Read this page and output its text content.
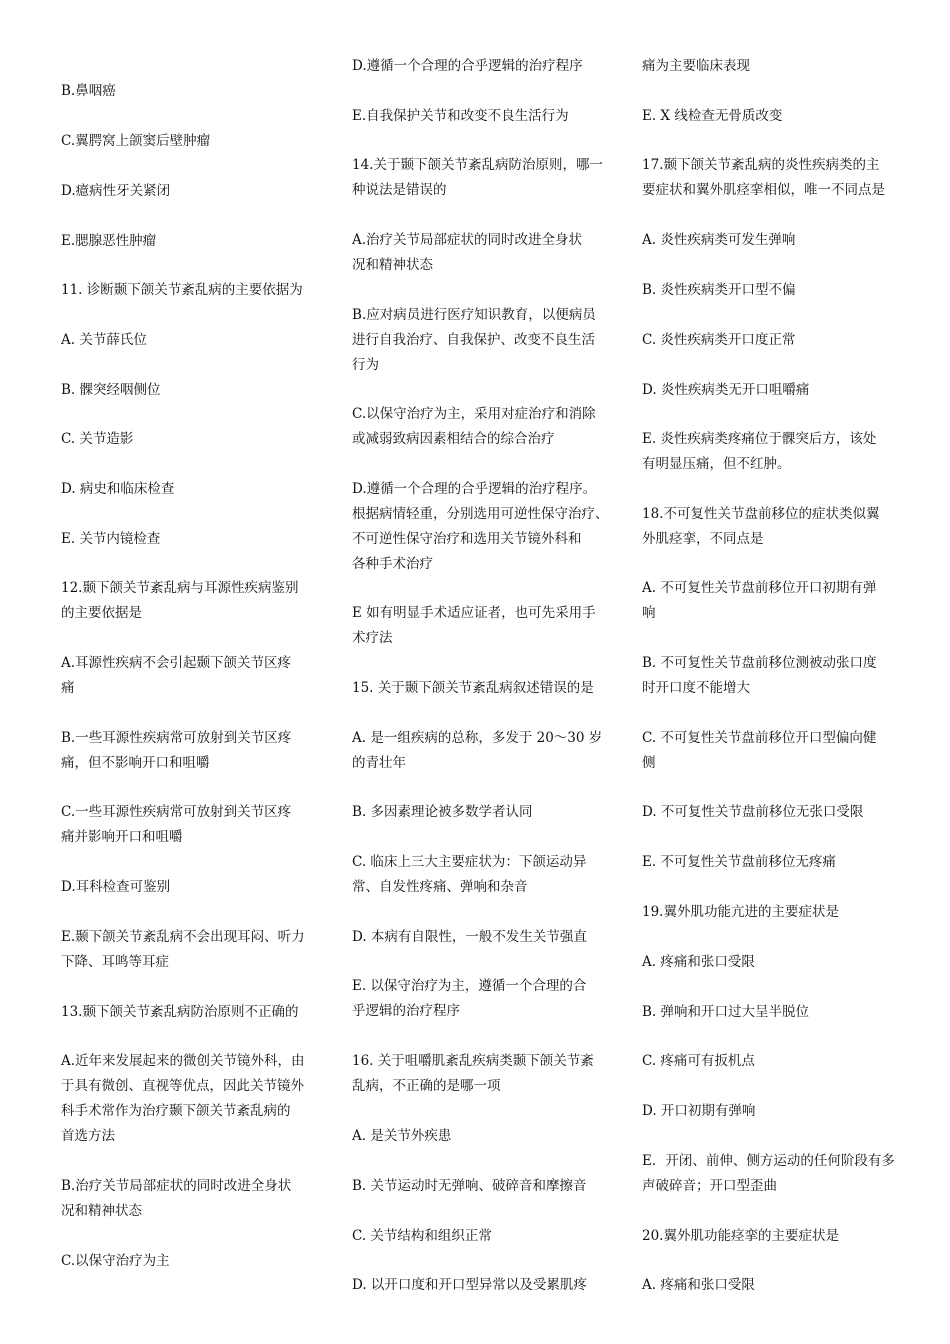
B.鼻咽癌

C.翼腭窝上颌窦后壁肿瘤

D.癔病性牙关紧闭

E.腮腺恶性肿瘤

11. 诊断颞下颌关节紊乱病的主要依据为

A. 关节薛氏位

B. 髁突经咽侧位

C. 关节造影

D. 病史和临床检查

E. 关节内镜检查

12.颞下颌关节紊乱病与耳源性疾病鉴别
的主要依据是

A.耳源性疾病不会引起颞下颌关节区疼
痛

B.一些耳源性疾病常可放射到关节区疼
痛，但不影响开口和咀嚼

C.一些耳源性疾病常可放射到关节区疼
痛并影响开口和咀嚼

D.耳科检查可鉴别

E.颞下颌关节紊乱病不会出现耳闷、听力
下降、耳鸣等耳症

13.颞下颌关节紊乱病防治原则不正确的

A.近年来发展起来的微创关节镜外科，由
于具有微创、直视等优点，因此关节镜外
科手术常作为治疗颞下颌关节紊乱病的
首选方法

B.治疗关节局部症状的同时改进全身状
况和精神状态

C.以保守治疗为主

D.遵循一个合理的合乎逻辑的治疗程序

E.自我保护关节和改变不良生活行为

14.关于颞下颌关节紊乱病防治原则，哪一
种说法是错误的

A.治疗关节局部症状的同时改进全身状
况和精神状态

B.应对病员进行医疗知识教育，以便病员
进行自我治疗、自我保护、改变不良生活
行为

C.以保守治疗为主，采用对症治疗和消除
或减弱致病因素相结合的综合治疗

D.遵循一个合理的合乎逻辑的治疗程序。
根据病情轻重，分别选用可逆性保守治疗、
不可逆性保守治疗和选用关节镜外科和
各种手术治疗

E 如有明显手术适应证者，也可先采用手
术疗法

15. 关于颞下颌关节紊乱病叙述错误的是

A. 是一组疾病的总称，多发于 20～30 岁
的青壮年

B. 多因素理论被多数学者认同

C. 临床上三大主要症状为：下颌运动异
常、自发性疼痛、弹响和杂音

D. 本病有自限性，一般不发生关节强直

E. 以保守治疗为主，遵循一个合理的合
乎逻辑的治疗程序

16. 关于咀嚼肌紊乱疾病类颞下颌关节紊
乱病，不正确的是哪一项

A. 是关节外疾患

B. 关节运动时无弹响、破碎音和摩擦音

C. 关节结构和组织正常

D. 以开口度和开口型异常以及受累肌疼

痛为主要临床表现

E. X 线检查无骨质改变

17.颞下颌关节紊乱病的炎性疾病类的主
要症状和翼外肌痉挛相似，唯一不同点是

A. 炎性疾病类可发生弹响

B. 炎性疾病类开口型不偏

C. 炎性疾病类开口度正常

D. 炎性疾病类无开口咀嚼痛

E. 炎性疾病类疼痛位于髁突后方，该处
有明显压痛，但不红肿。

18.不可复性关节盘前移位的症状类似翼
外肌痉挛，不同点是

A. 不可复性关节盘前移位开口初期有弹
响

B. 不可复性关节盘前移位测被动张口度
时开口度不能增大

C. 不可复性关节盘前移位开口型偏向健
侧

D. 不可复性关节盘前移位无张口受限

E. 不可复性关节盘前移位无疼痛

19.翼外肌功能亢进的主要症状是

A. 疼痛和张口受限

B. 弹响和开口过大呈半脱位

C. 疼痛可有扳机点

D. 开口初期有弹响

E．开闭、前伸、侧方运动的任何阶段有多
声破碎音；开口型歪曲

20.翼外肌功能痉挛的主要症状是

A. 疼痛和张口受限
